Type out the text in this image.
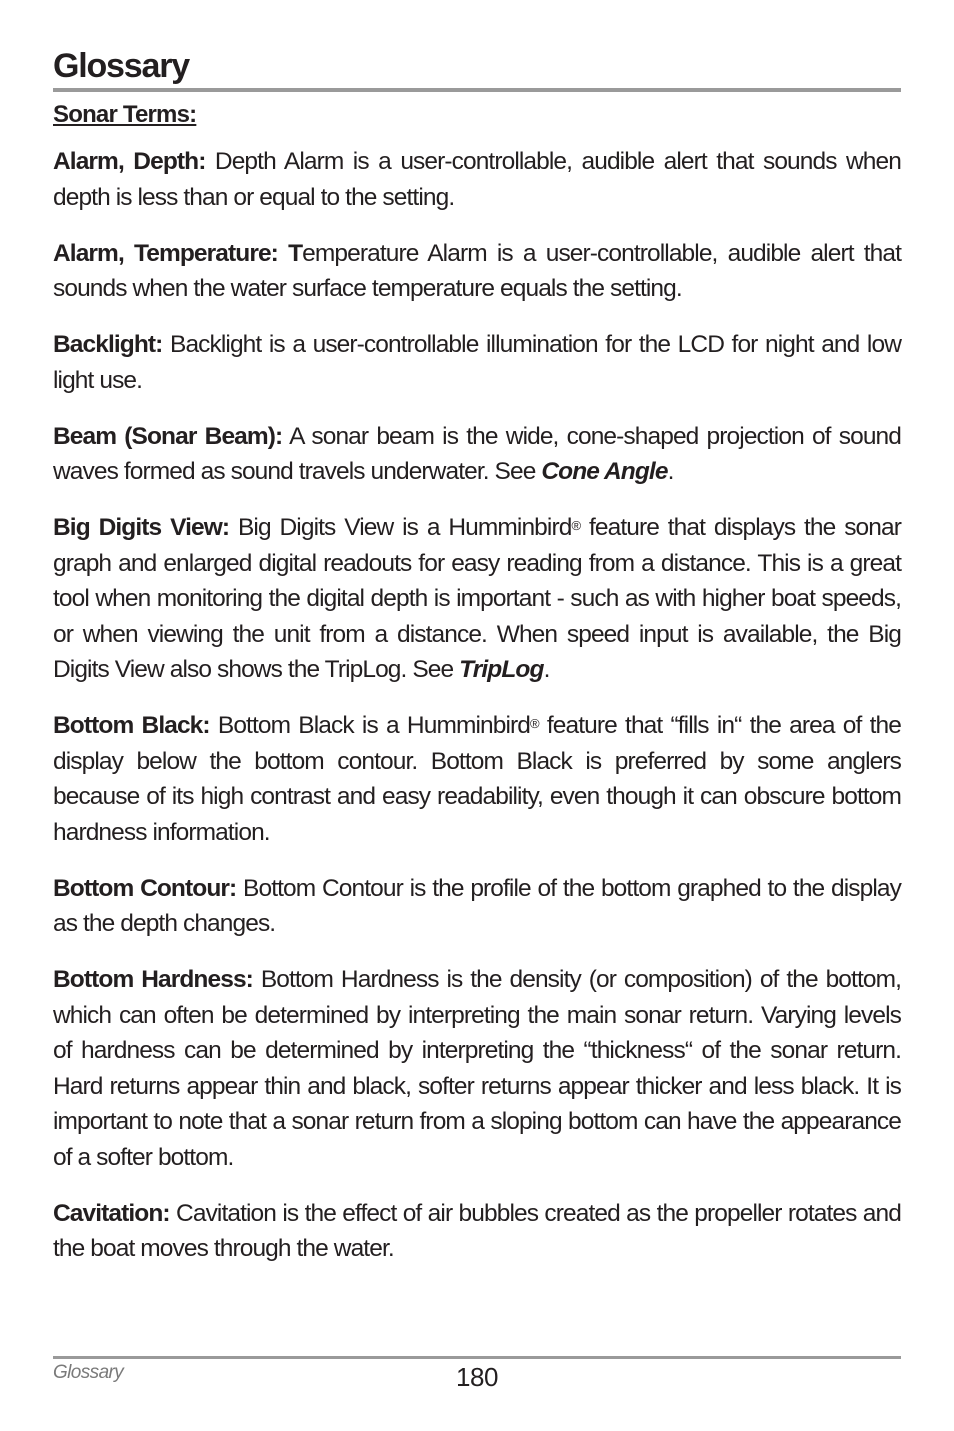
Glossary
Sonar Terms:

Alarm, Depth: Depth Alarm is a user-controllable, audible alert that sounds when depth is less than or equal to the setting.

Alarm, Temperature: Temperature Alarm is a user-controllable, audible alert that sounds when the water surface temperature equals the setting.

Backlight: Backlight is a user-controllable illumination for the LCD for night and low light use.

Beam (Sonar Beam): A sonar beam is the wide, cone-shaped projection of sound waves formed as sound travels underwater. See Cone Angle.

Big Digits View: Big Digits View is a Humminbird® feature that displays the sonar graph and enlarged digital readouts for easy reading from a distance. This is a great tool when monitoring the digital depth is important - such as with higher boat speeds, or when viewing the unit from a distance. When speed input is available, the Big Digits View also shows the TripLog. See TripLog.

Bottom Black: Bottom Black is a Humminbird® feature that “fills in“ the area of the display below the bottom contour. Bottom Black is preferred by some anglers because of its high contrast and easy readability, even though it can obscure bottom hardness information.

Bottom Contour: Bottom Contour is the profile of the bottom graphed to the display as the depth changes.

Bottom Hardness: Bottom Hardness is the density (or composition) of the bottom, which can often be determined by interpreting the main sonar return. Varying levels of hardness can be determined by interpreting the “thickness“ of the sonar return. Hard returns appear thin and black, softer returns appear thicker and less black. It is important to note that a sonar return from a sloping bottom can have the appearance of a softer bottom.

Cavitation: Cavitation is the effect of air bubbles created as the propeller rotates and the boat moves through the water.

Glossary	180
